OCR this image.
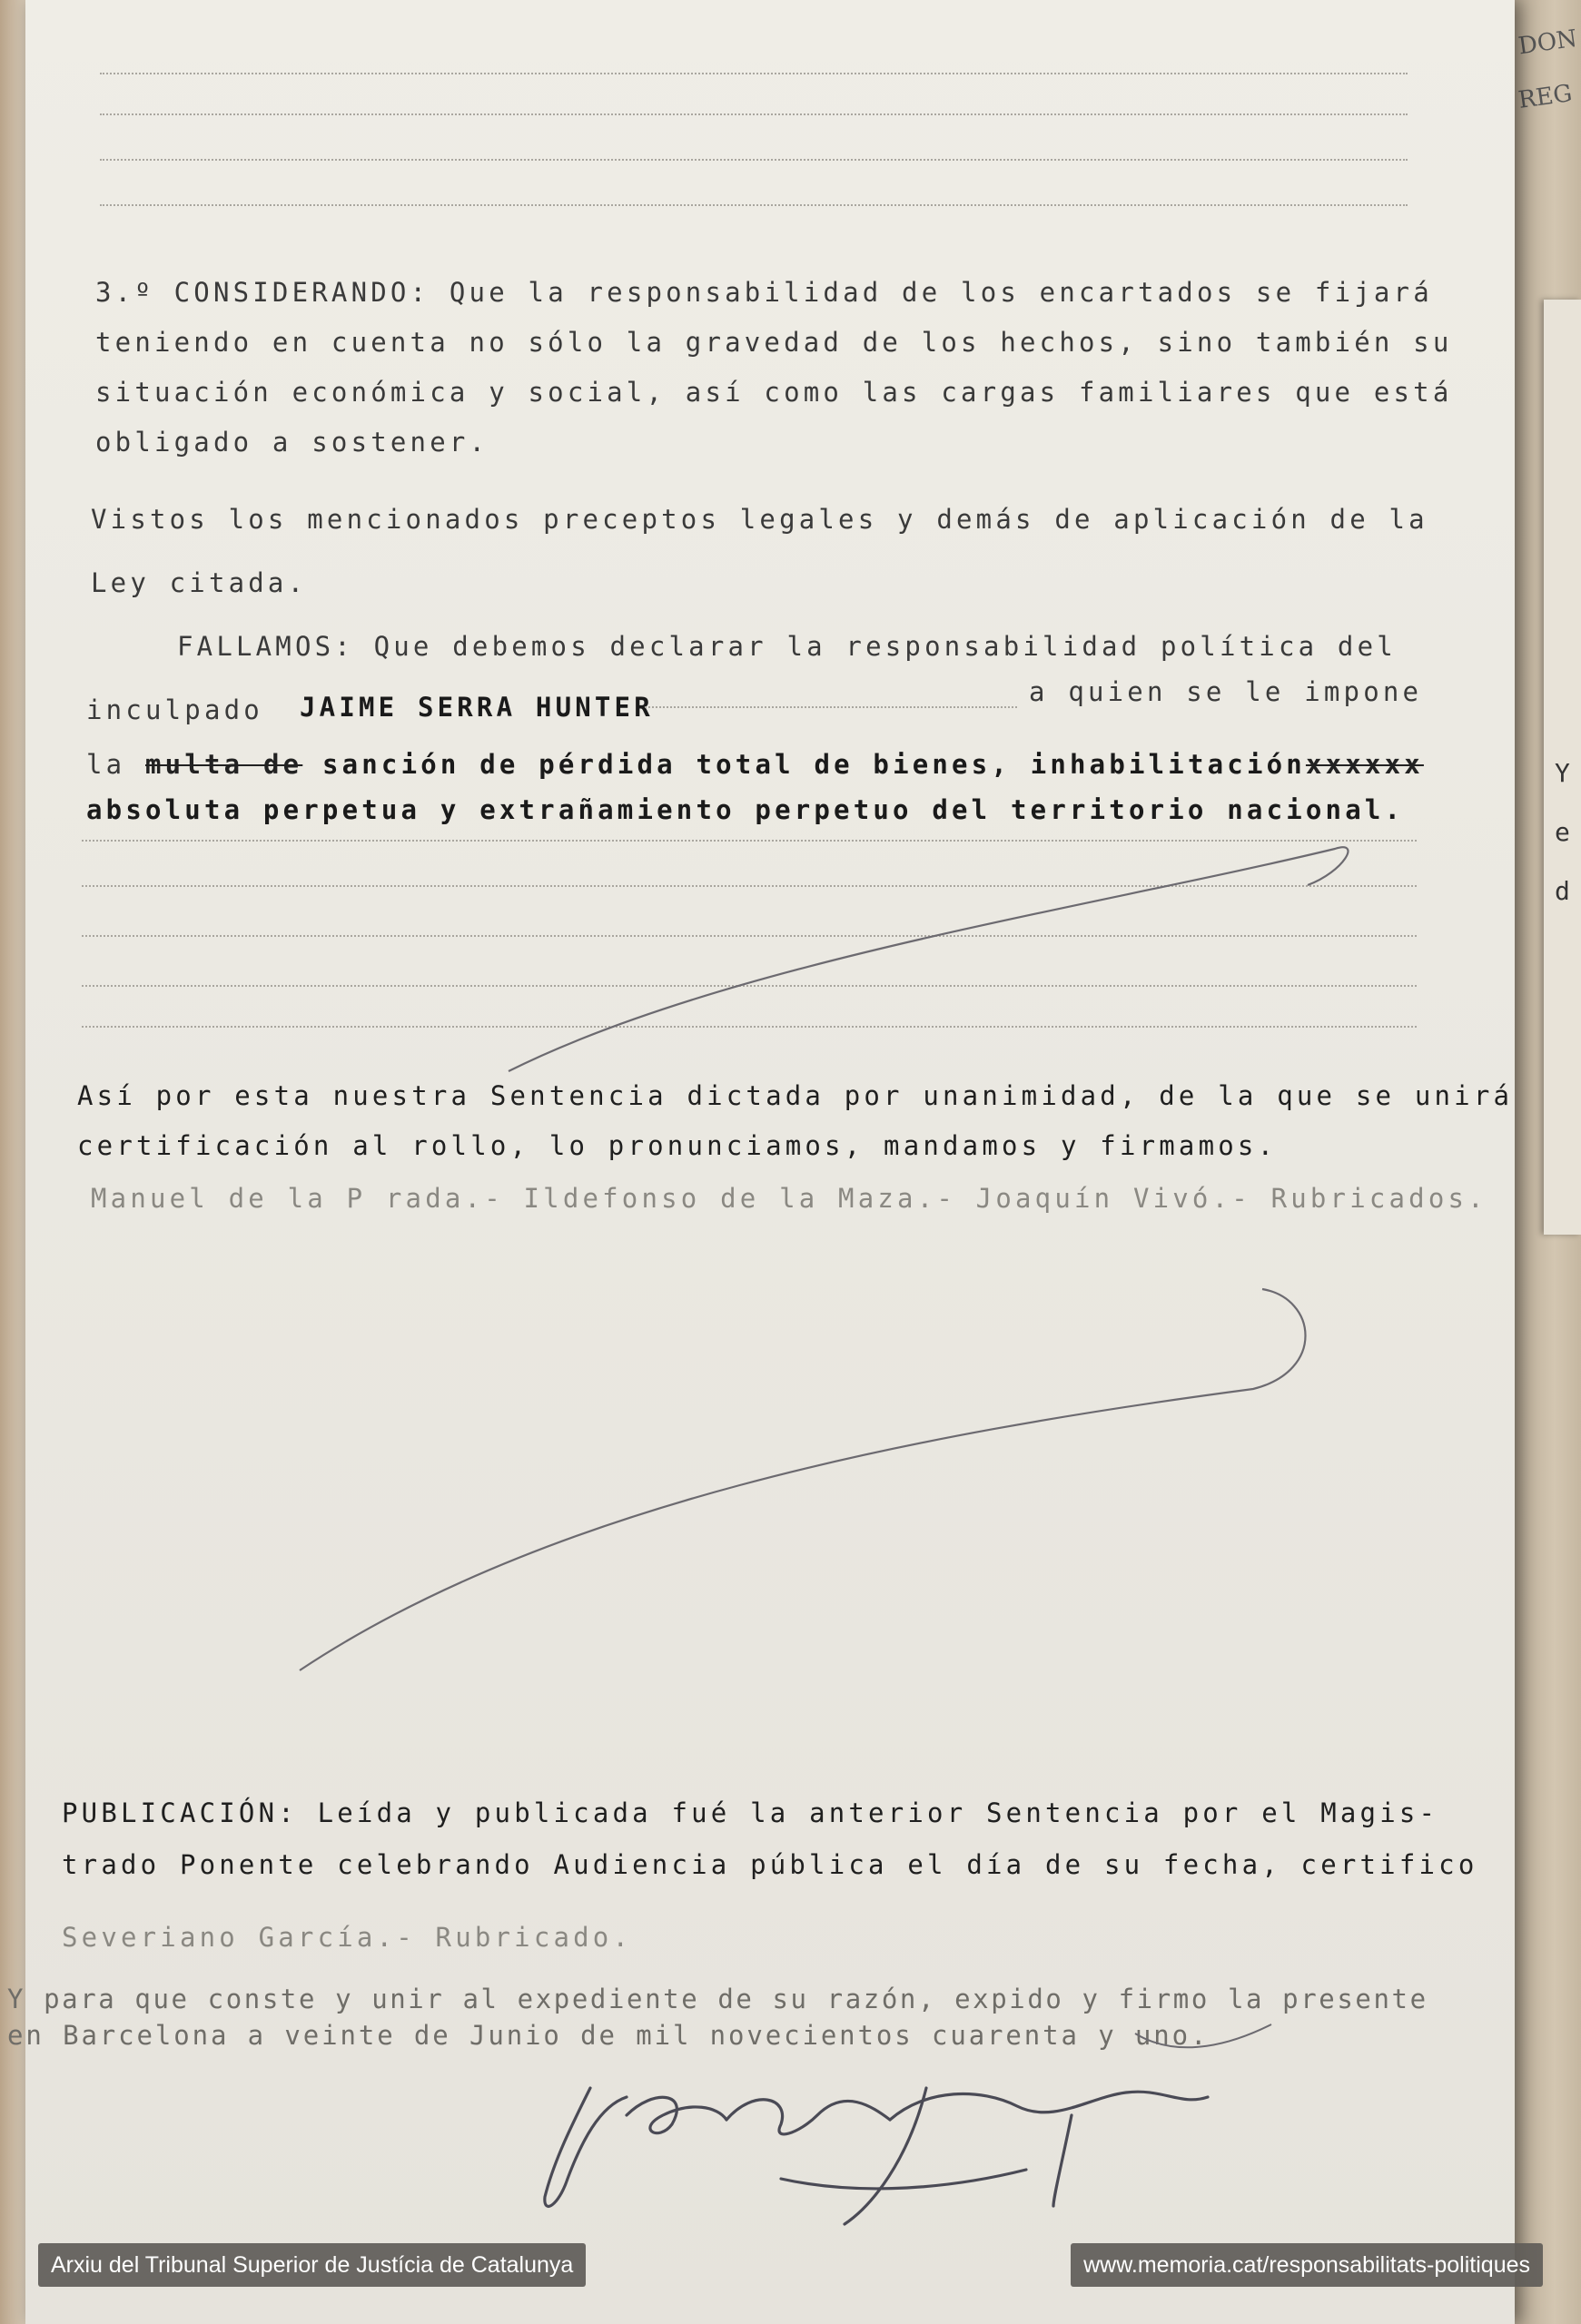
DON
REG
Y
e
d
3.º CONSIDERANDO: Que la responsabilidad de los encartados se fijará
teniendo en cuenta no sólo la gravedad de los hechos, sino también su
situación económica y social, así como las cargas familiares que está
obligado a sostener.
Vistos los mencionados preceptos legales y demás de aplicación de la
Ley citada.
FALLAMOS: Que debemos declarar la responsabilidad política del
inculpado JAIME SERRA HUNTER	a quien se le impone
la multa de sanción de pérdida total de bienes, inhabilitaciónxxxxxx
absoluta perpetua y extrañamiento perpetuo del territorio nacional.
Así por esta nuestra Sentencia dictada por unanimidad, de la que se unirá
certificación al rollo, lo pronunciamos, mandamos y firmamos.
Manuel de la P rada.- Ildefonso de la Maza.- Joaquín Vivó.- Rubricados.
PUBLICACIÓN: Leída y publicada fué la anterior Sentencia por el Magis-
trado Ponente celebrando Audiencia pública el día de su fecha, certifico
Severiano García.- Rubricado.
Y para que conste y unir al expediente de su razón, expido y firmo la presente
en Barcelona a veinte de Junio de mil novecientos cuarenta y uno.
Arxiu del Tribunal Superior de Justícia de Catalunya	www.memoria.cat/responsabilitats-politiques
